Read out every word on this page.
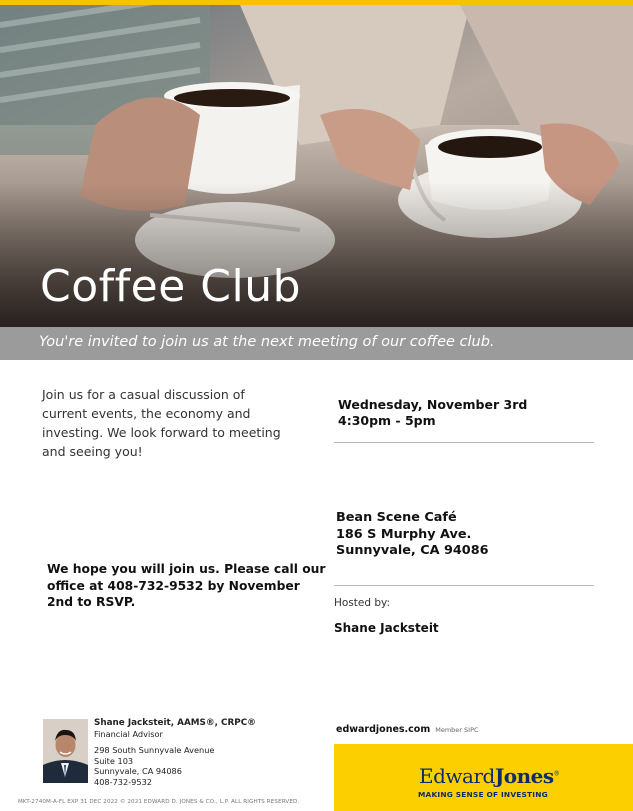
Coffee Club
You're invited to join us at the next meeting of our coffee club.
Join us for a casual discussion of current events, the economy and investing. We look forward to meeting and seeing you!
Wednesday, November 3rd
4:30pm - 5pm
Bean Scene Café
186 S Murphy Ave.
Sunnyvale, CA 94086
We hope you will join us. Please call our office at 408-732-9532 by November 2nd to RSVP.	Hosted by:
Shane Jacksteit
Shane Jacksteit, AAMS®, CRPC®
Financial Advisor
298 South Sunnyvale Avenue
Suite 103
Sunnyvale, CA 94086
408-732-9532
edwardjones.com Member SIPC
EdwardJones®
MAKING SENSE OF INVESTING
MKT-2740M-A-FL EXP 31 DEC 2022 © 2021 EDWARD D. JONES & CO., L.P. ALL RIGHTS RESERVED.
